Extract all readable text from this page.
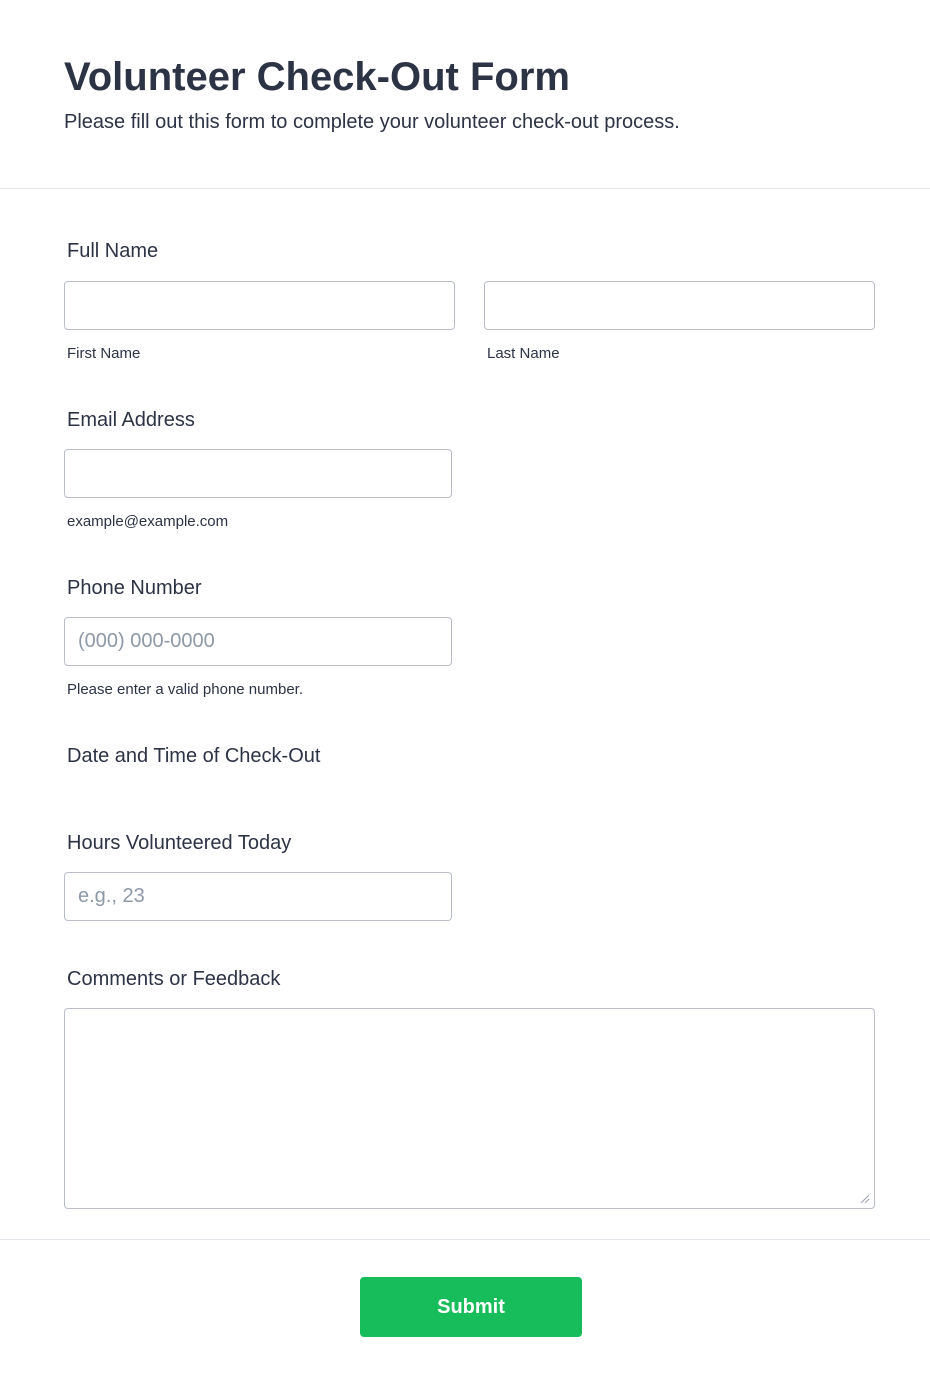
Volunteer Check-Out Form

Please fill out this form to complete your volunteer check-out process.

Full Name
First Name	Last Name
Email Address
example@example.com
Phone Number
(000) 000-0000
Please enter a valid phone number.
Date and Time of Check-Out
Hours Volunteered Today
e.g., 23
Comments or Feedback
Submit
